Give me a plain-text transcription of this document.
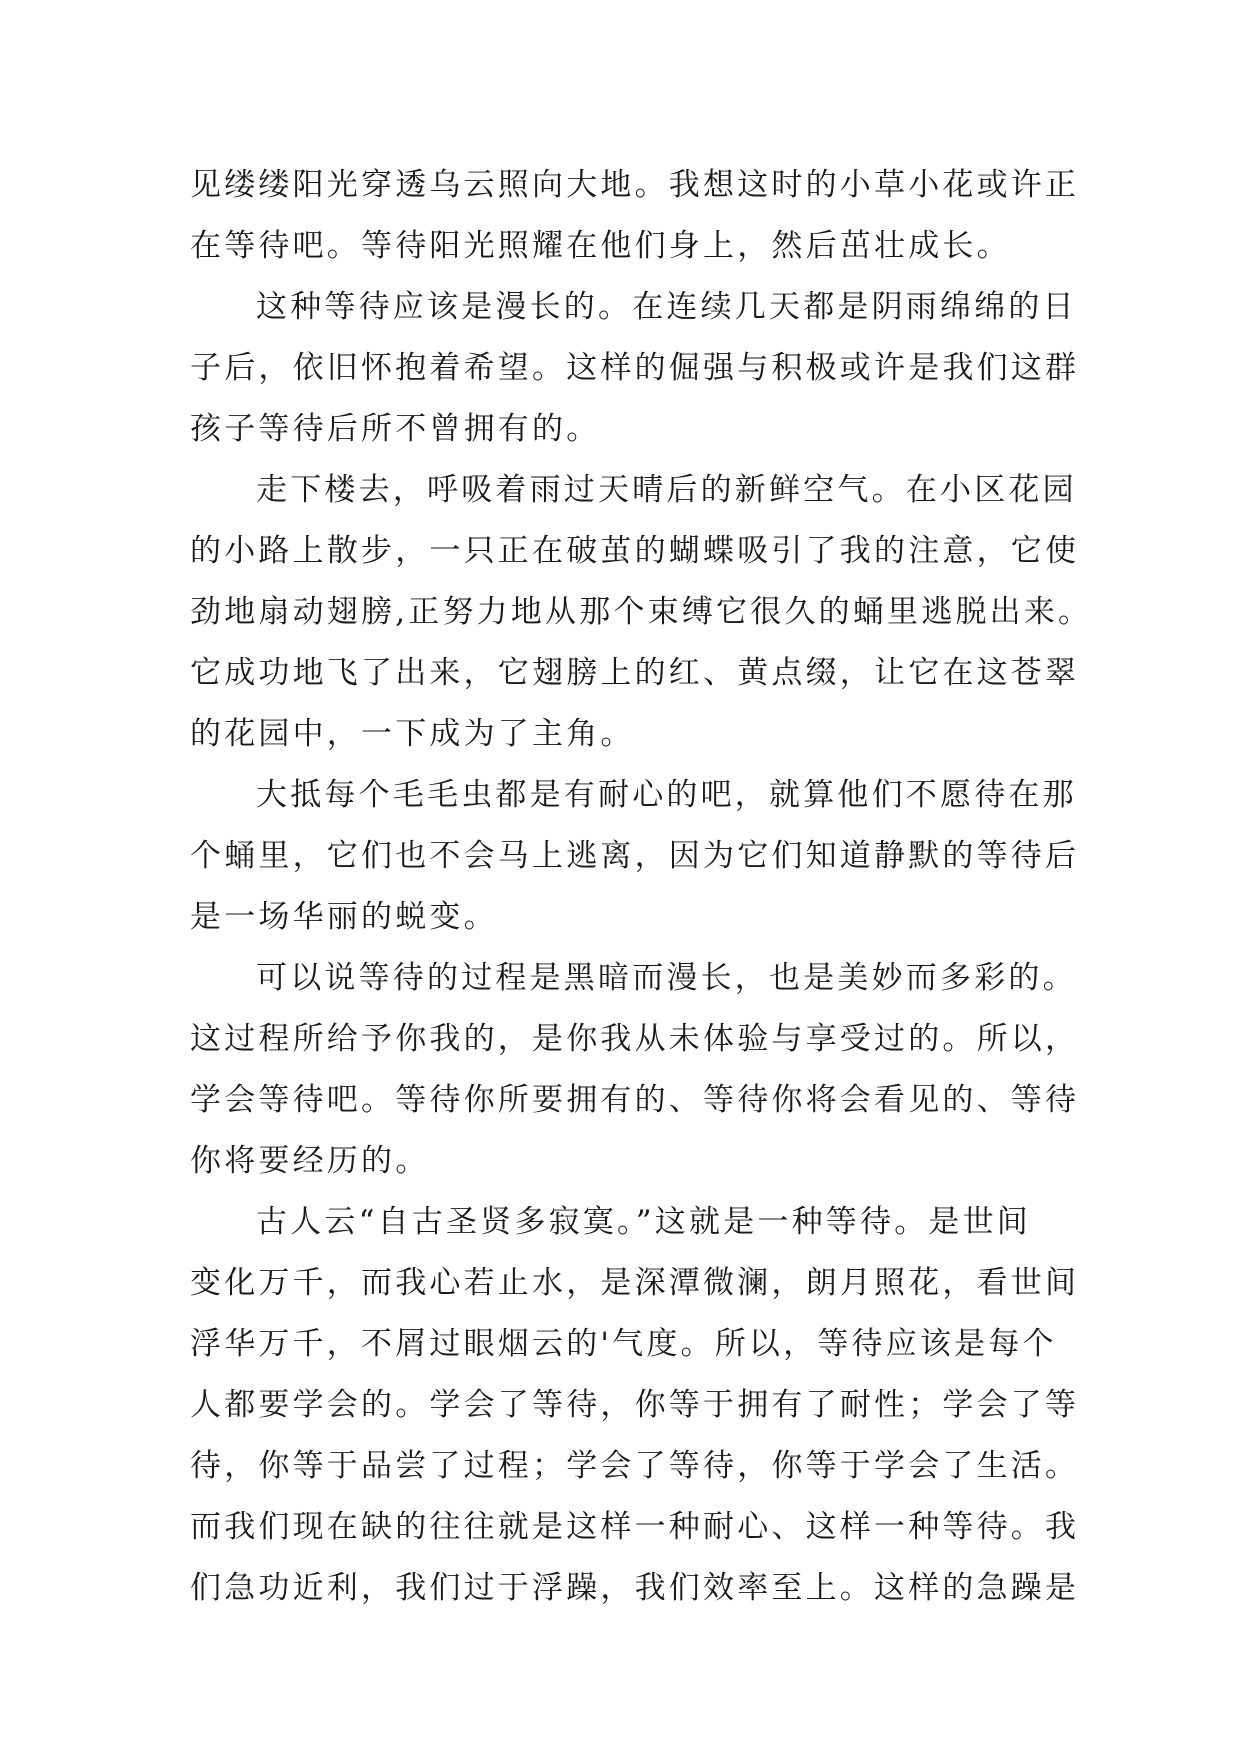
见缕缕阳光穿透乌云照向大地。我想这时的小草小花或许正
在等待吧。等待阳光照耀在他们身上，然后茁壮成长。
这种等待应该是漫长的。在连续几天都是阴雨绵绵的日
子后，依旧怀抱着希望。这样的倔强与积极或许是我们这群
孩子等待后所不曾拥有的。
走下楼去，呼吸着雨过天晴后的新鲜空气。在小区花园
的小路上散步，一只正在破茧的蝴蝶吸引了我的注意，它使
劲地扇动翅膀,正努力地从那个束缚它很久的蛹里逃脱出来。
它成功地飞了出来，它翅膀上的红、黄点缀，让它在这苍翠
的花园中，一下成为了主角。
大抵每个毛毛虫都是有耐心的吧，就算他们不愿待在那
个蛹里，它们也不会马上逃离，因为它们知道静默的等待后
是一场华丽的蜕变。
可以说等待的过程是黑暗而漫长，也是美妙而多彩的。
这过程所给予你我的，是你我从未体验与享受过的。所以，
学会等待吧。等待你所要拥有的、等待你将会看见的、等待
你将要经历的。
古人云“自古圣贤多寂寞。”这就是一种等待。是世间
变化万千，而我心若止水，是深潭微澜，朗月照花，看世间
浮华万千，不屑过眼烟云的'气度。所以，等待应该是每个
人都要学会的。学会了等待，你等于拥有了耐性；学会了等
待，你等于品尝了过程；学会了等待，你等于学会了生活。
而我们现在缺的往往就是这样一种耐心、这样一种等待。我
们急功近利，我们过于浮躁，我们效率至上。这样的急躁是
